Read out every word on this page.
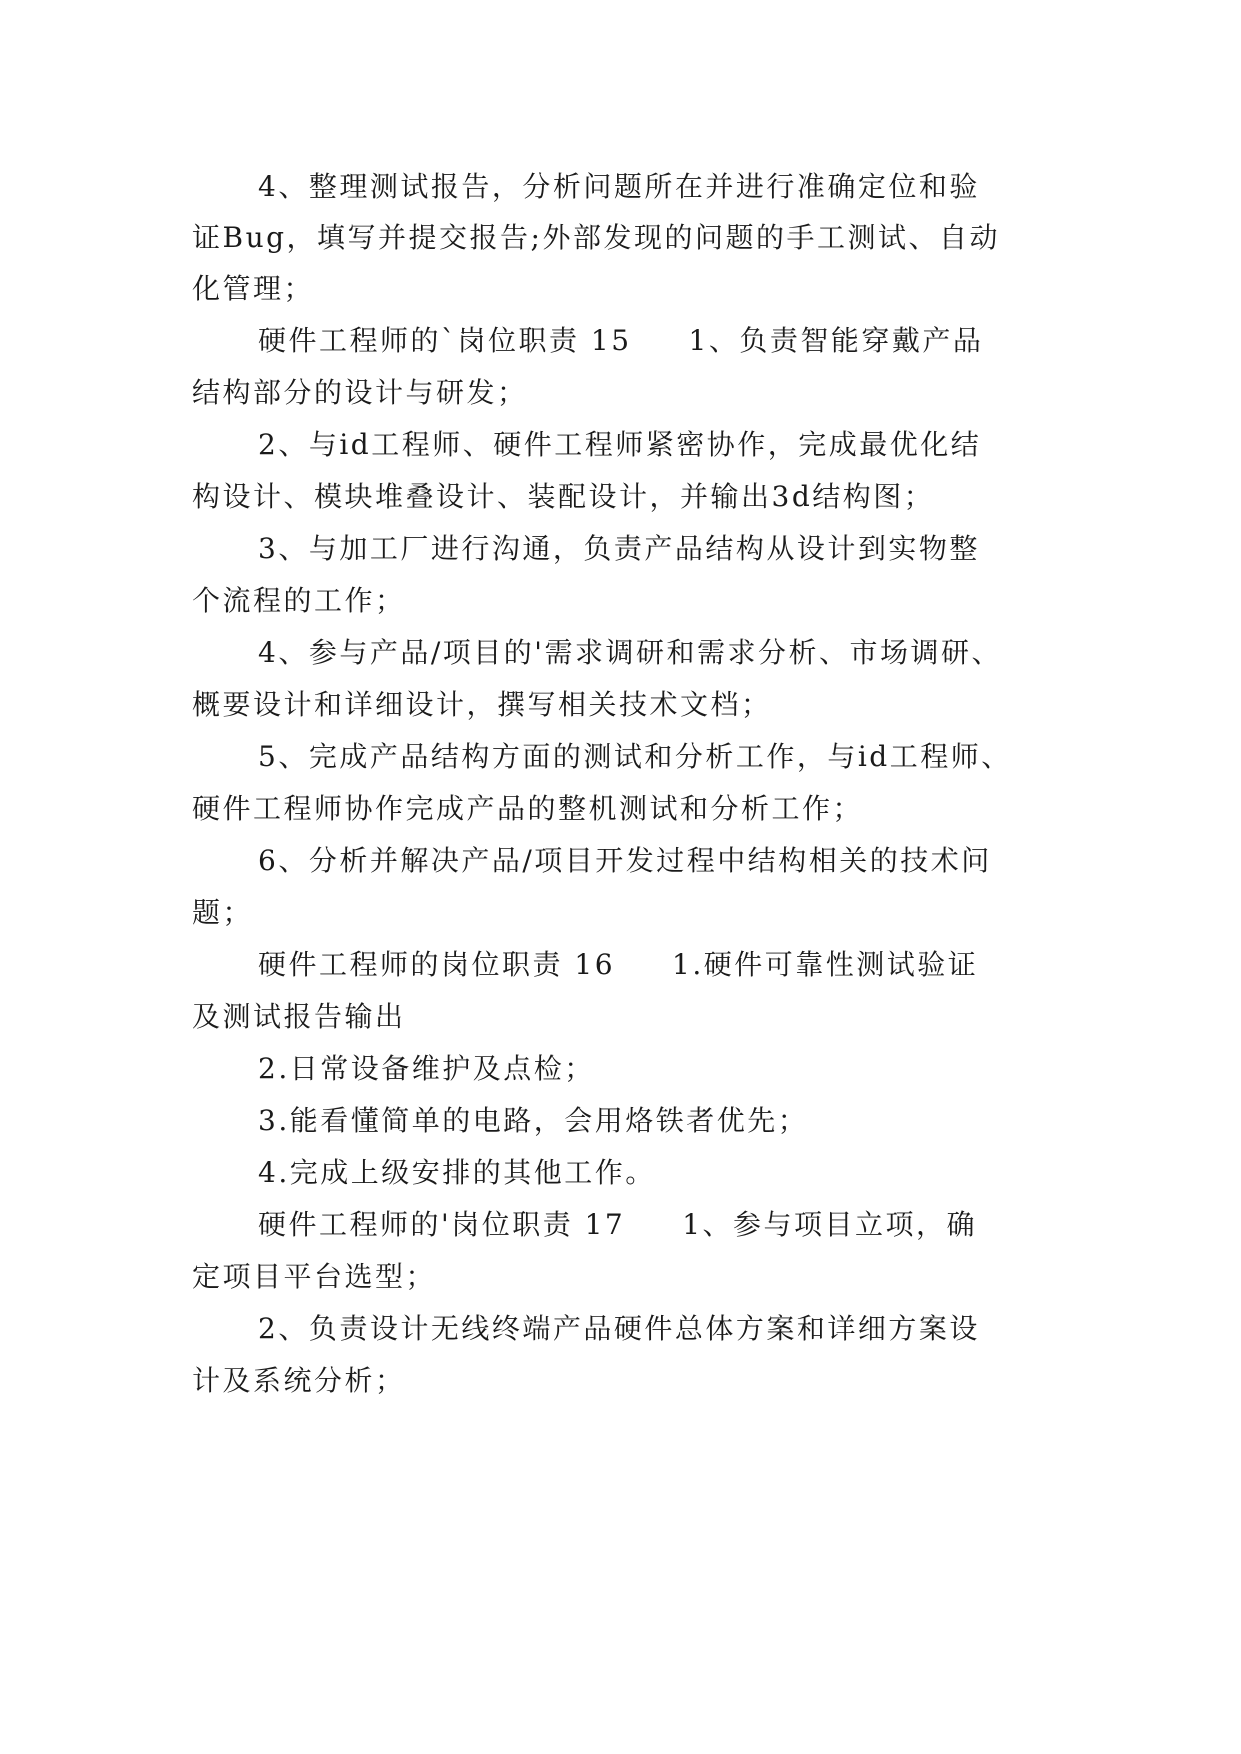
4、整理测试报告，分析问题所在并进行准确定位和验
证Bug，填写并提交报告;外部发现的问题的手工测试、自动
化管理；
硬件工程师的`岗位职责 15     1、负责智能穿戴产品
结构部分的设计与研发；
2、与id工程师、硬件工程师紧密协作，完成最优化结
构设计、模块堆叠设计、装配设计，并输出3d结构图；
3、与加工厂进行沟通，负责产品结构从设计到实物整
个流程的工作；
4、参与产品/项目的'需求调研和需求分析、市场调研、
概要设计和详细设计，撰写相关技术文档；
5、完成产品结构方面的测试和分析工作，与id工程师、
硬件工程师协作完成产品的整机测试和分析工作；
6、分析并解决产品/项目开发过程中结构相关的技术问
题；
硬件工程师的岗位职责 16     1.硬件可靠性测试验证
及测试报告输出
2.日常设备维护及点检；
3.能看懂简单的电路，会用烙铁者优先；
4.完成上级安排的其他工作。
硬件工程师的'岗位职责 17     1、参与项目立项，确
定项目平台选型；
2、负责设计无线终端产品硬件总体方案和详细方案设
计及系统分析；
